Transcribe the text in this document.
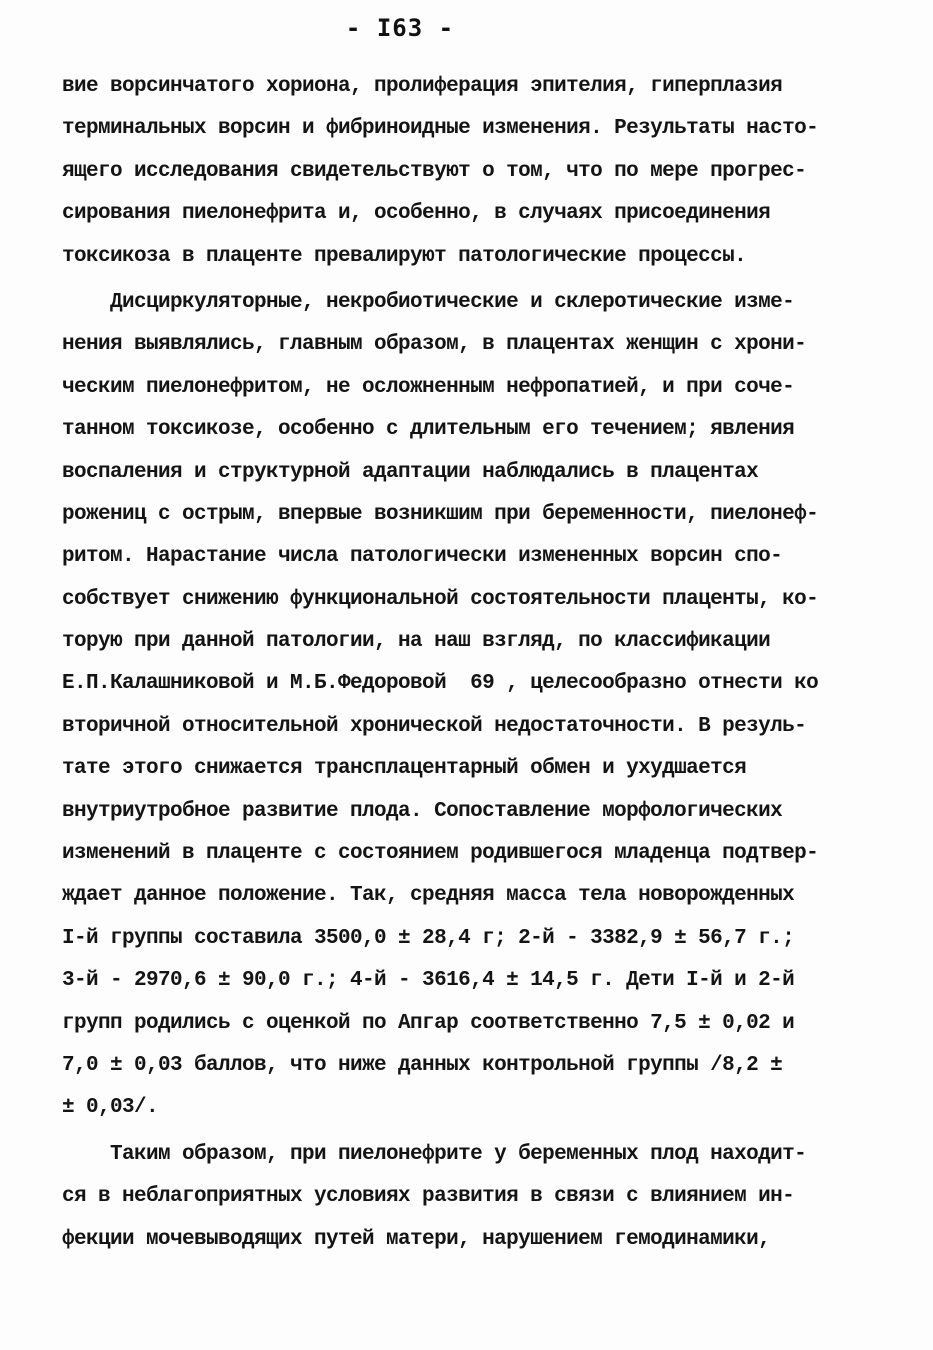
- I63 -
вие ворсинчатого хориона, пролиферация эпителия, гиперплазия
терминальных ворсин и фибриноидные изменения. Результаты насто-
ящего исследования свидетельствуют о том, что по мере прогрес-
сирования пиелонефрита и, особенно, в случаях присоединения
токсикоза в плаценте превалируют патологические процессы.
Дисциркуляторные, некробиотические и склеротические изме-
нения выявлялись, главным образом, в плацентах женщин с хрони-
ческим пиелонефритом, не осложненным нефропатией, и при соче-
танном токсикозе, особенно с длительным его течением; явления
воспаления и структурной адаптации наблюдались в плацентах
рожениц с острым, впервые возникшим при беременности, пиелонеф-
ритом. Нарастание числа патологически измененных ворсин спо-
собствует снижению функциональной состоятельности плаценты, ко-
торую при данной патологии, на наш взгляд, по классификации
Е.П.Калашниковой и М.Б.Федоровой  69 , целесообразно отнести ко
вторичной относительной хронической недостаточности. В резуль-
тате этого снижается трансплацентарный обмен и ухудшается
внутриутробное развитие плода. Сопоставление морфологических
изменений в плаценте с состоянием родившегося младенца подтвер-
ждает данное положение. Так, средняя масса тела новорожденных
I-й группы составила 3500,0 ± 28,4 г; 2-й - 3382,9 ± 56,7 г.;
3-й - 2970,6 ± 90,0 г.; 4-й - 3616,4 ± 14,5 г. Дети I-й и 2-й
групп родились с оценкой по Апгар соответственно 7,5 ± 0,02 и
7,0 ± 0,03 баллов, что ниже данных контрольной группы /8,2 ±
± 0,03/.
Таким образом, при пиелонефрите у беременных плод находит-
ся в неблагоприятных условиях развития в связи с влиянием ин-
фекции мочевыводящих путей матери, нарушением гемодинамики,
